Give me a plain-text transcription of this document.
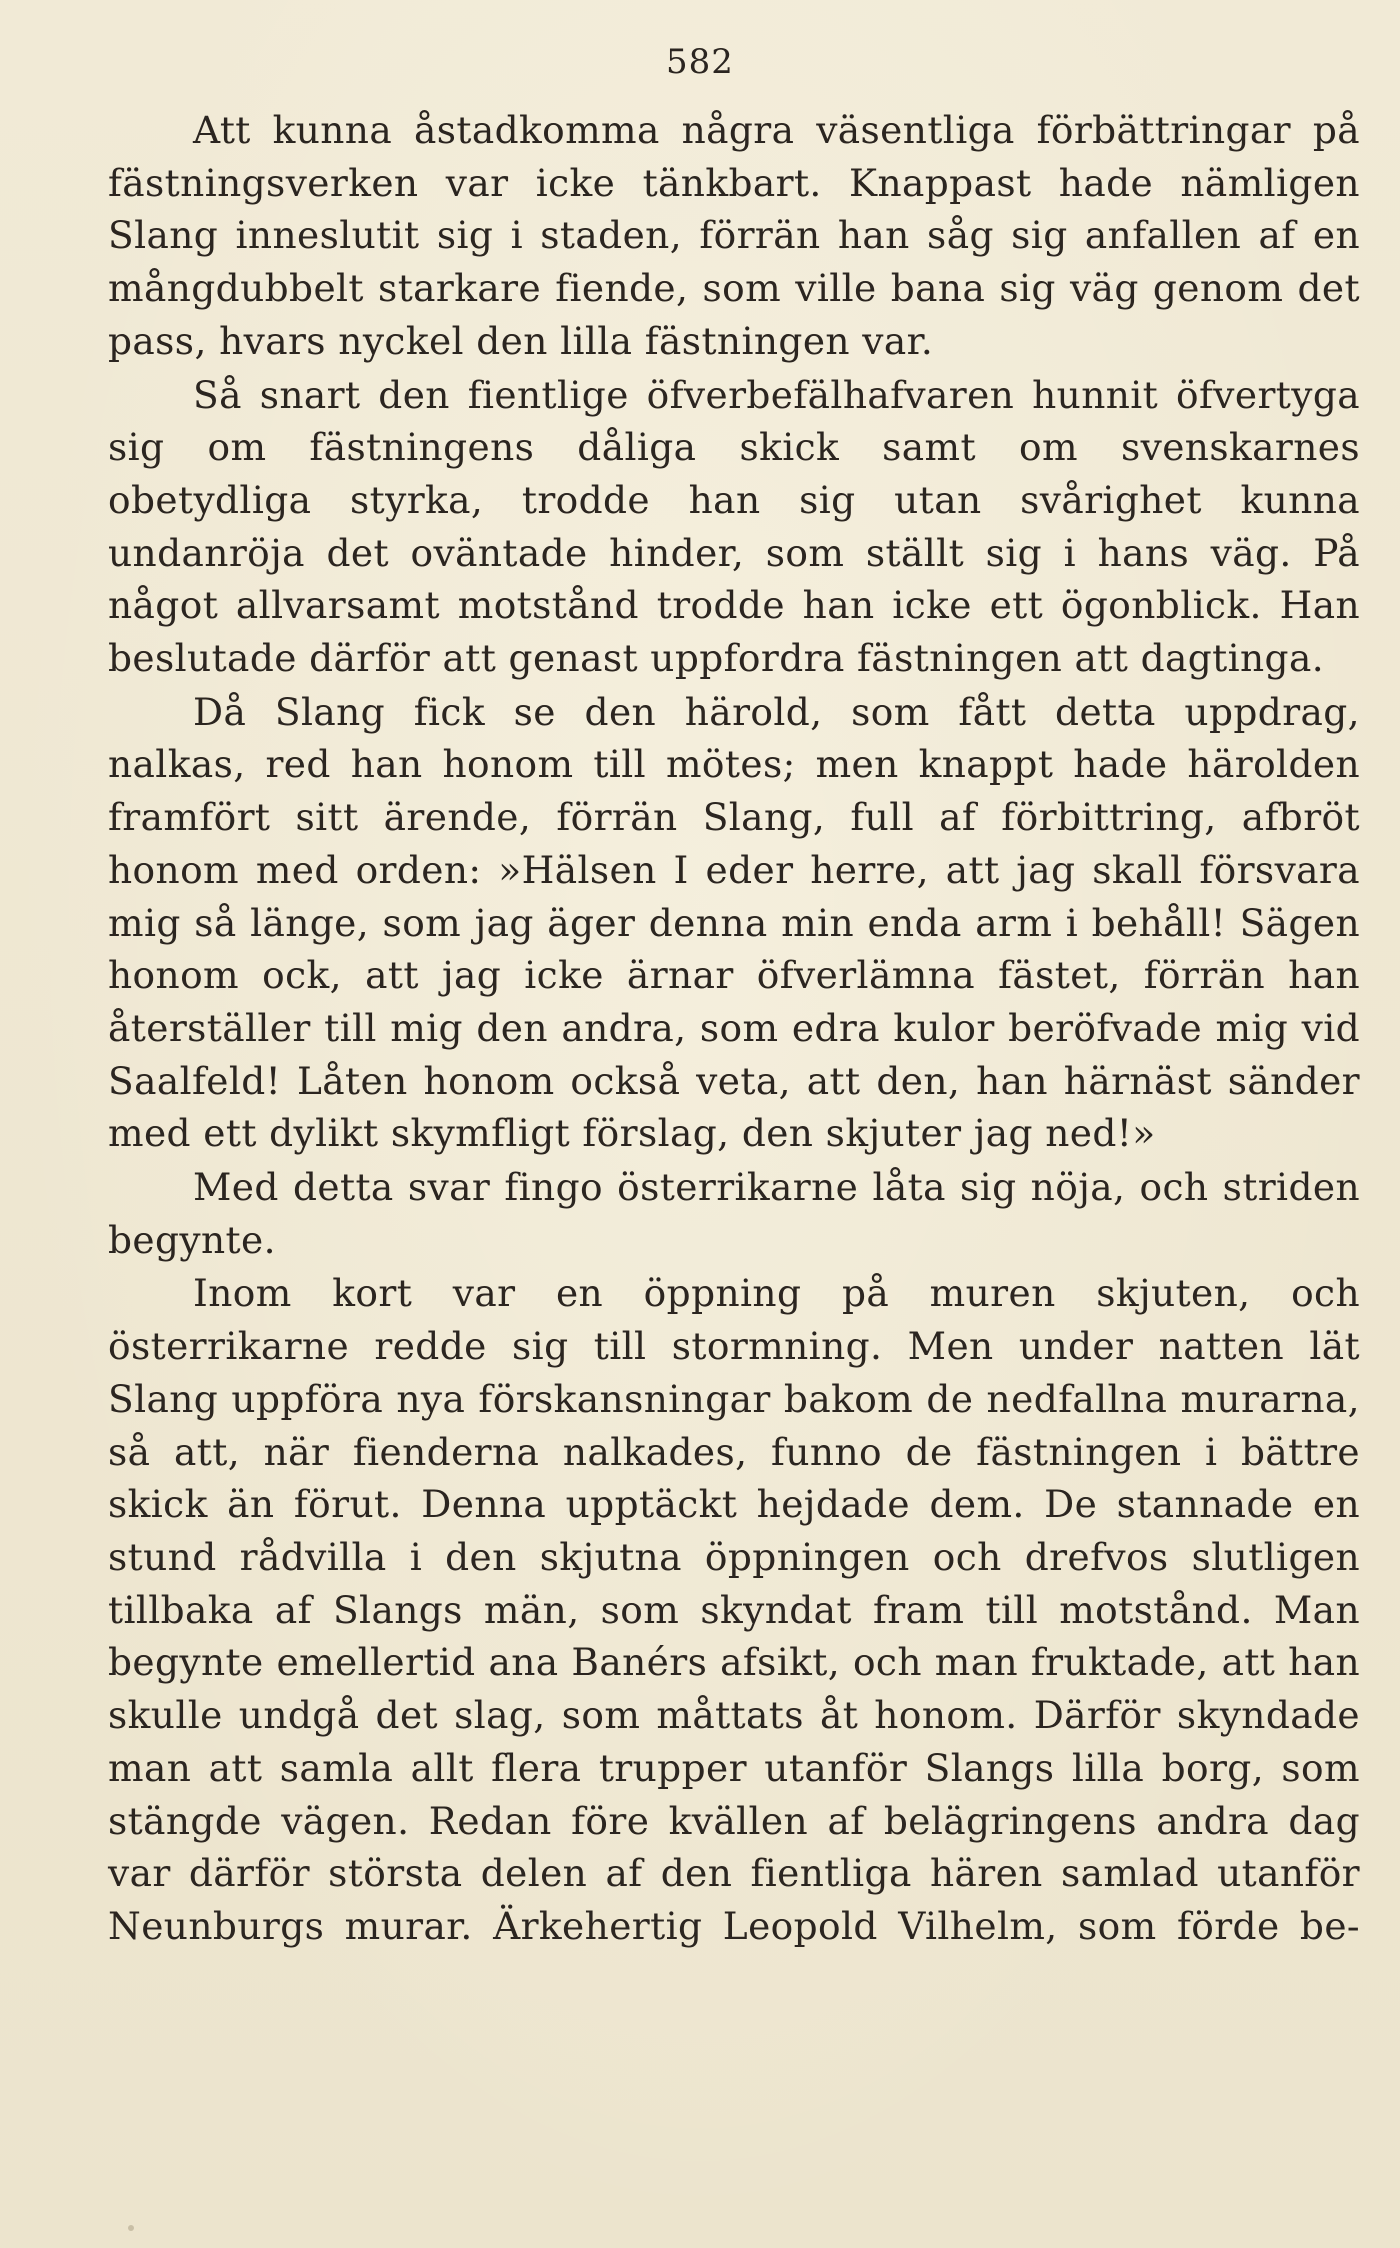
582

Att kunna åstadkomma några väsentliga förbättringar på fästningsverken var icke tänkbart. Knappast hade nämligen Slang inneslutit sig i staden, förrän han såg sig anfallen af en mångdubbelt starkare fiende, som ville bana sig väg genom det pass, hvars nyckel den lilla fästningen var.

Så snart den fientlige öfverbefälhafvaren hunnit öfvertyga sig om fästningens dåliga skick samt om svenskarnes obetydliga styrka, trodde han sig utan svårighet kunna undanröja det oväntade hinder, som ställt sig i hans väg. På något allvarsamt motstånd trodde han icke ett ögonblick. Han beslutade därför att genast uppfordra fästningen att dagtinga.

Då Slang fick se den härold, som fått detta uppdrag, nalkas, red han honom till mötes; men knappt hade härolden framfört sitt ärende, förrän Slang, full af förbittring, afbröt honom med orden: »Hälsen I eder herre, att jag skall försvara mig så länge, som jag äger denna min enda arm i behåll! Sägen honom ock, att jag icke ärnar öfverlämna fästet, förrän han återställer till mig den andra, som edra kulor beröfvade mig vid Saalfeld! Låten honom också veta, att den, han härnäst sänder med ett dylikt skymfligt förslag, den skjuter jag ned!»

Med detta svar fingo österrikarne låta sig nöja, och striden begynte.

Inom kort var en öppning på muren skjuten, och österrikarne redde sig till stormning. Men under natten lät Slang uppföra nya förskansningar bakom de nedfallna murarna, så att, när fienderna nalkades, funno de fästningen i bättre skick än förut. Denna upptäckt hejdade dem. De stannade en stund rådvilla i den skjutna öppningen och drefvos slutligen tillbaka af Slangs män, som skyndat fram till motstånd. Man begynte emellertid ana Banérs afsikt, och man fruktade, att han skulle undgå det slag, som måttats åt honom. Därför skyndade man att samla allt flera trupper utanför Slangs lilla borg, som stängde vägen. Redan före kvällen af belägringens andra dag var därför största delen af den fientliga hären samlad utanför Neunburgs murar. Ärkehertig Leopold Vilhelm, som förde be-
